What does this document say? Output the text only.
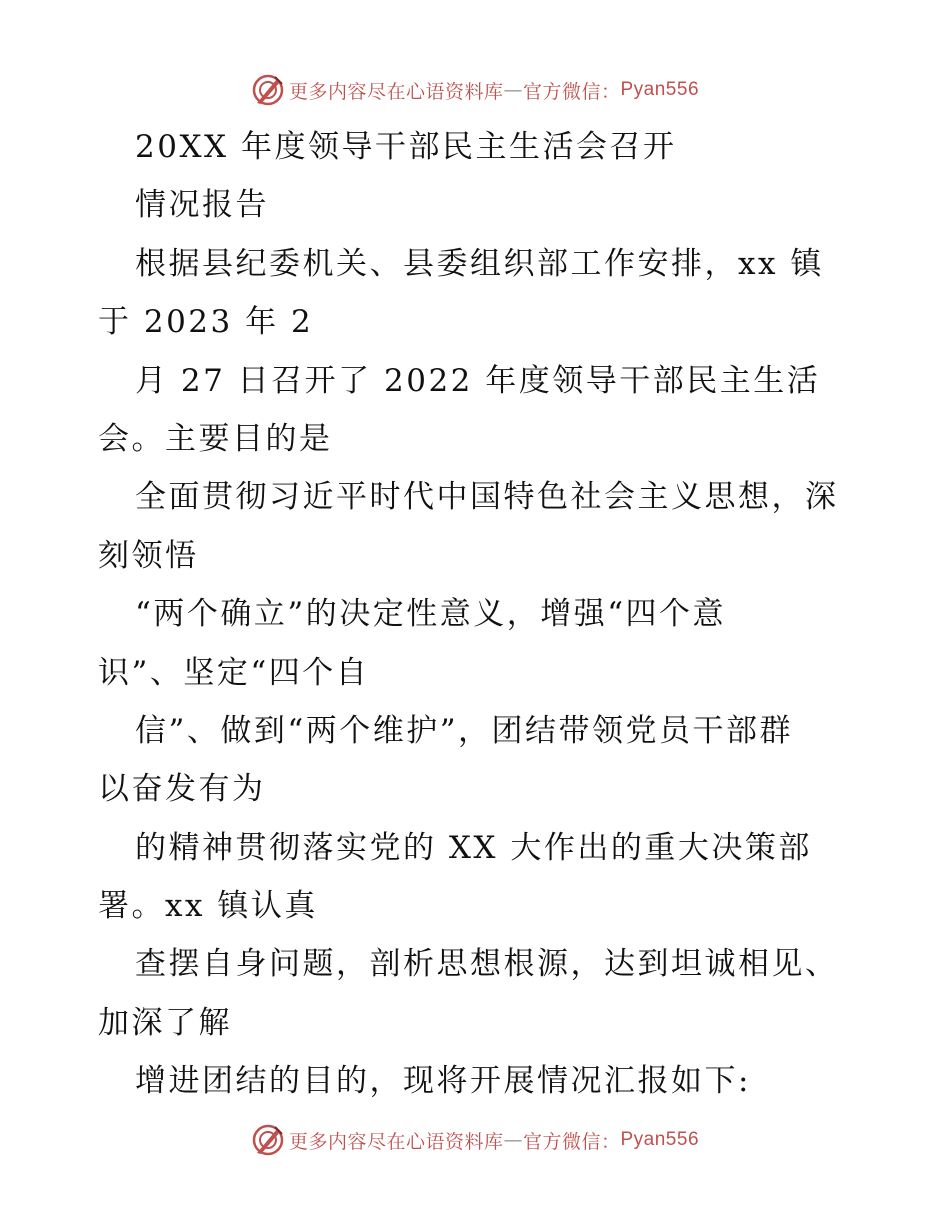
更多内容尽在心语资料库 — 官方微信： Pyan556
20XX 年度领导干部民主生活会召开
情况报告
根据县纪委机关、县委组织部工作安排，xx 镇
于 2023 年 2
月 27 日召开了 2022 年度领导干部民主生活
会。主要目的是
全面贯彻习近平时代中国特色社会主义思想，深
刻领悟
“两个确立”的决定性意义，增强“四个意
识”、坚定“四个自
信”、做到“两个维护”，团结带领党员干部群
以奋发有为
的精神贯彻落实党的 XX 大作出的重大决策部
署。xx 镇认真
查摆自身问题，剖析思想根源，达到坦诚相见、
加深了解
增进团结的目的，现将开展情况汇报如下:
更多内容尽在心语资料库 — 官方微信： Pyan556
